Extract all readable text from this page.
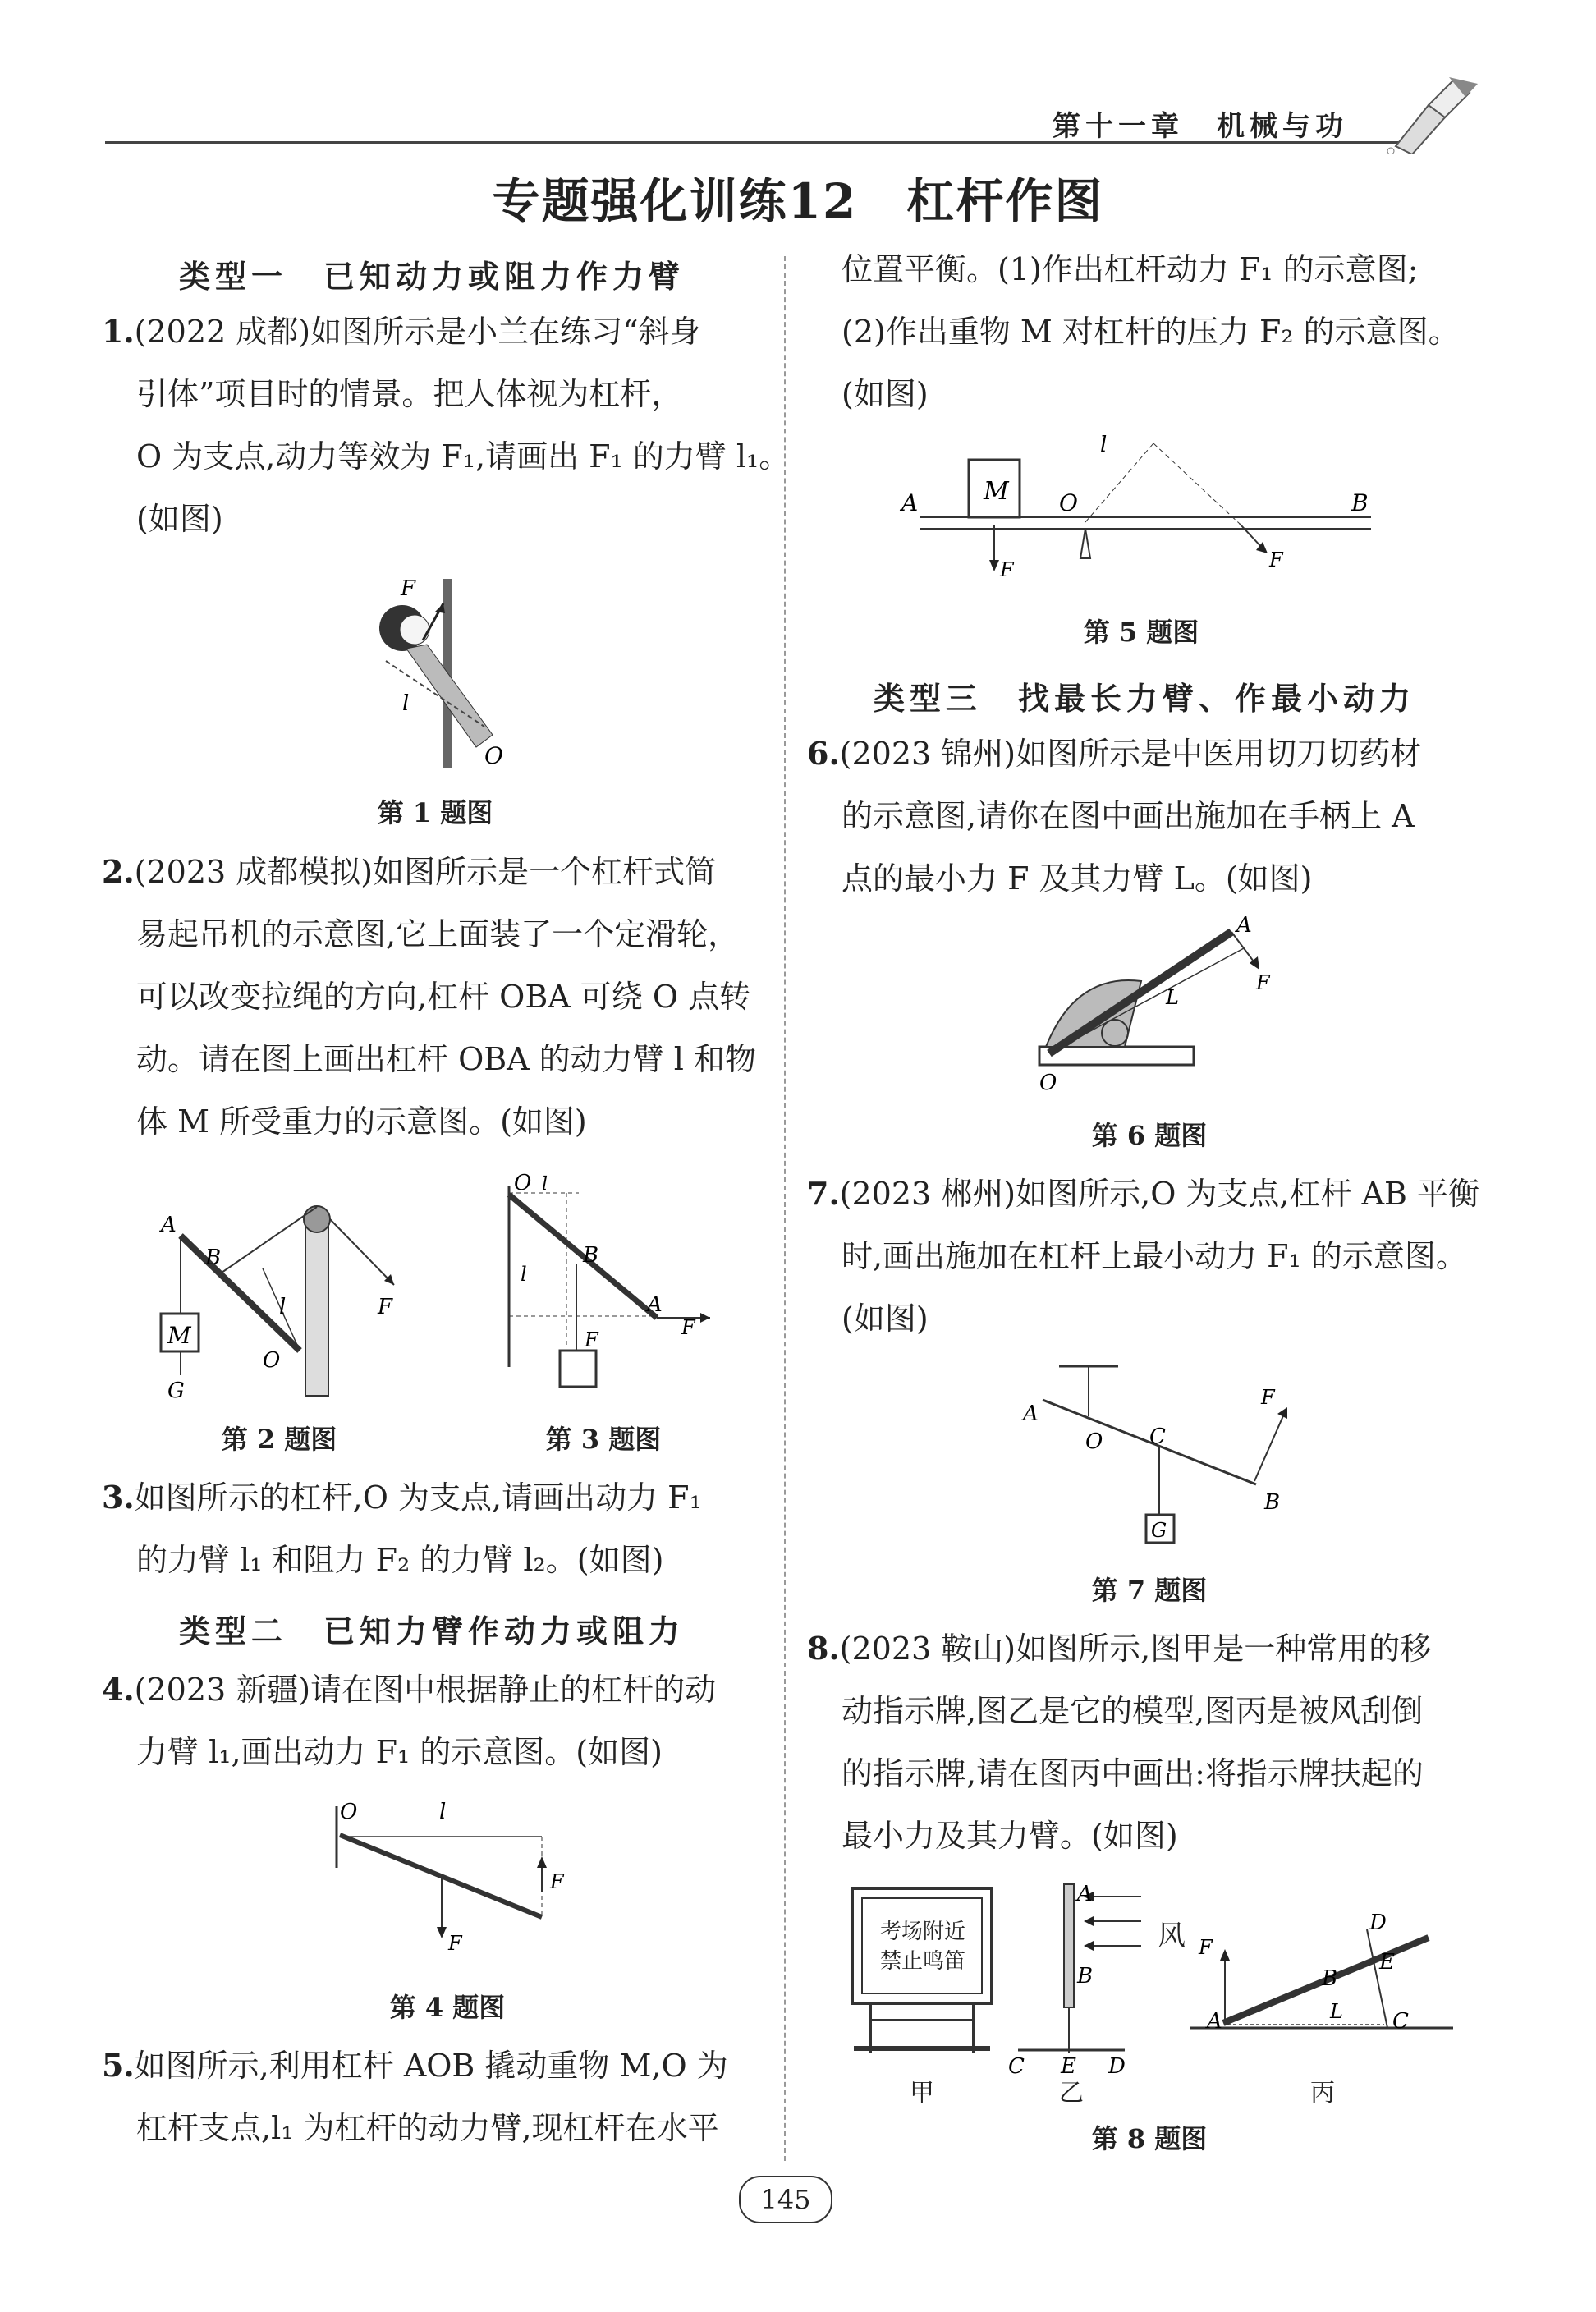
第十一章　机械与功
专题强化训练12　杠杆作图
类型一　已知动力或阻力作力臂
1.(2022 成都)如图所示是小兰在练习“斜身
引体”项目时的情景。把人体视为杠杆，
O 为支点,动力等效为 F₁,请画出 F₁ 的力臂 l₁。
(如图)
l
F
O
第 1 题图
2.(2023 成都模拟)如图所示是一个杠杆式简
易起吊机的示意图,它上面装了一个定滑轮，
可以改变拉绳的方向,杠杆 OBA 可绕 O 点转
动。请在图上画出杠杆 OBA 的动力臂 l 和物
体 M 所受重力的示意图。(如图)
M
G
A
B
l
O
F
第 2 题图
O l
B
l
A
F
F
第 3 题图
3.如图所示的杠杆,O 为支点,请画出动力 F₁
的力臂 l₁ 和阻力 F₂ 的力臂 l₂。(如图)
类型二　已知力臂作动力或阻力
4.(2023 新疆)请在图中根据静止的杠杆的动
力臂 l₁,画出动力 F₁ 的示意图。(如图)
O	l
F
F
第 4 题图
5.如图所示,利用杠杆 AOB 撬动重物 M,O 为
杠杆支点,l₁ 为杠杆的动力臂,现杠杆在水平
位置平衡。(1)作出杠杆动力 F₁ 的示意图;
(2)作出重物 M 对杠杆的压力 F₂ 的示意图。
(如图)
M
A	O
l
B
F	F
第 5 题图
类型三　找最长力臂、作最小动力
6.(2023 锦州)如图所示是中医用切刀切药材
的示意图,请你在图中画出施加在手柄上 A
点的最小力 F 及其力臂 L。(如图)
A
F
L
O
第 6 题图
7.(2023 郴州)如图所示,O 为支点,杠杆 AB 平衡
时,画出施加在杠杆上最小动力 F₁ 的示意图。
(如图)
G
A
O C
B
F
第 7 题图
8.(2023 鞍山)如图所示,图甲是一种常用的移
动指示牌,图乙是它的模型,图丙是被风刮倒
的指示牌,请在图丙中画出:将指示牌扶起的
最小力及其力臂。(如图)
考场附近
禁止鸣笛
A
B
C E D
风
A
B
D
E
C
F
L
甲	乙	丙
第 8 题图
145
